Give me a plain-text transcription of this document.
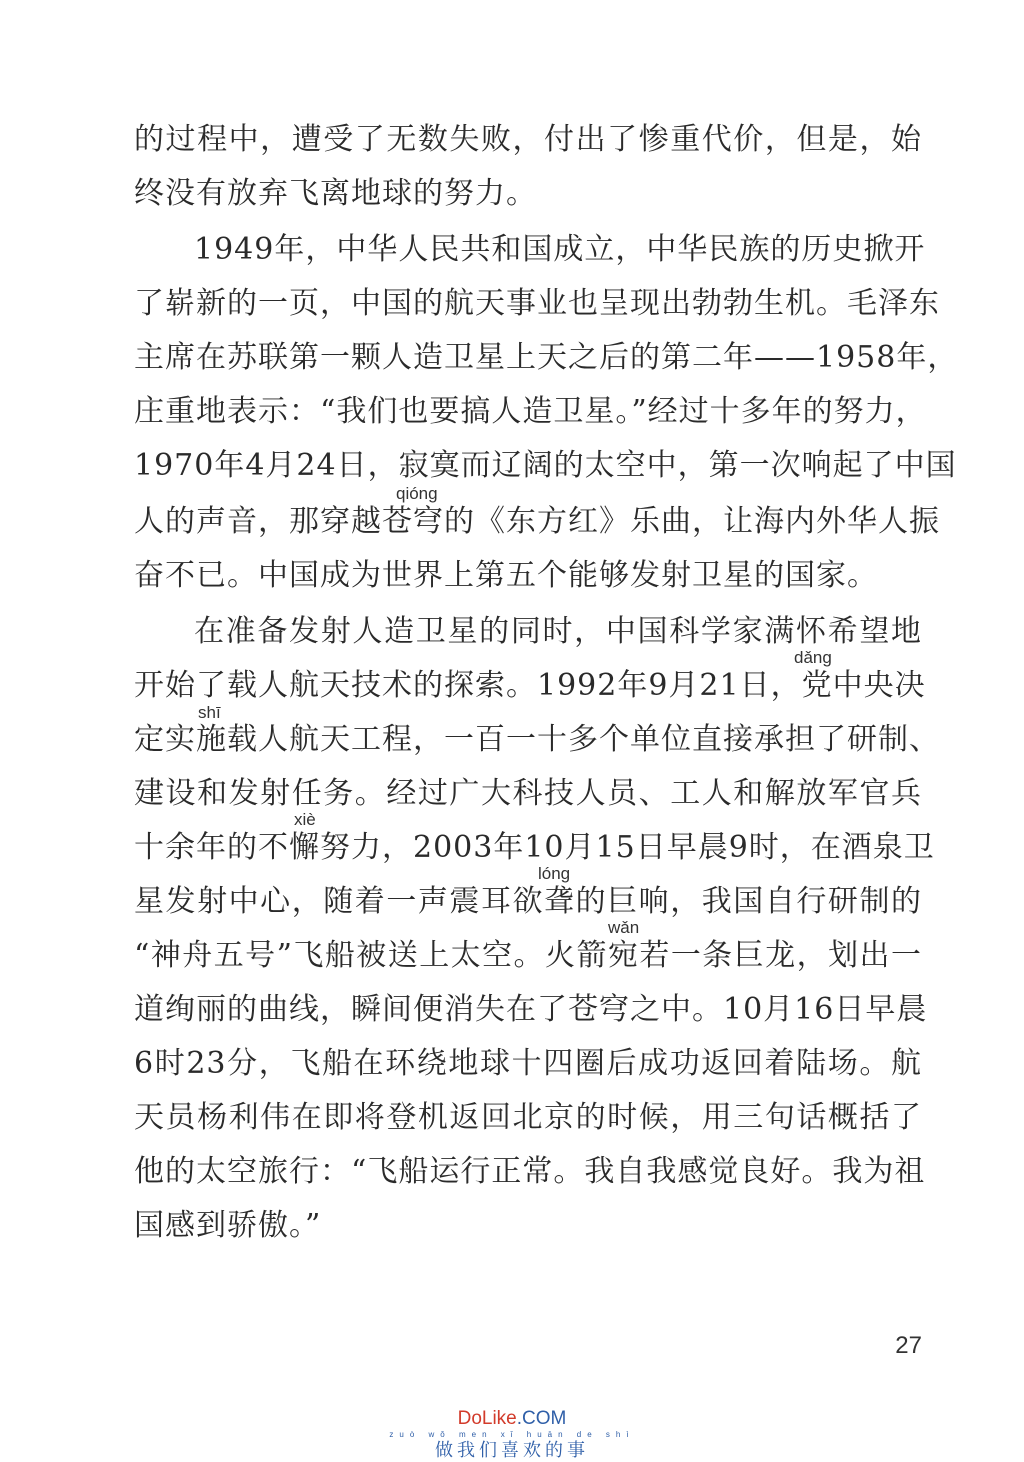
的过程中，遭受了无数失败，付出了惨重代价，但是，始
终没有放弃飞离地球的努力。
1949年，中华人民共和国成立，中华民族的历史掀开
了崭新的一页，中国的航天事业也呈现出勃勃生机。毛泽东
主席在苏联第一颗人造卫星上天之后的第二年——1958年，
庄重地表示：“我们也要搞人造卫星。”经过十多年的努力，
1970年4月24日，寂寞而辽阔的太空中，第一次响起了中国
qióng
人的声音，那穿越苍穹的《东方红》乐曲，让海内外华人振
奋不已。中国成为世界上第五个能够发射卫星的国家。
在准备发射人造卫星的同时，中国科学家满怀希望地
dǎng
开始了载人航天技术的探索。1992年9月21日，党中央决
shī
定实施载人航天工程，一百一十多个单位直接承担了研制、
建设和发射任务。经过广大科技人员、工人和解放军官兵
xiè
十余年的不懈努力，2003年10月15日早晨9时，在酒泉卫
lóng
星发射中心，随着一声震耳欲聋的巨响，我国自行研制的
wǎn
“神舟五号”飞船被送上太空。火箭宛若一条巨龙，划出一
道绚丽的曲线，瞬间便消失在了苍穹之中。10月16日早晨
6时23分，飞船在环绕地球十四圈后成功返回着陆场。航
天员杨利伟在即将登机返回北京的时候，用三句话概括了
他的太空旅行：“飞船运行正常。我自我感觉良好。我为祖
国感到骄傲。”
27
DoLike.COM
zuò wǒ men xǐ huān de shì
做我们喜欢的事
